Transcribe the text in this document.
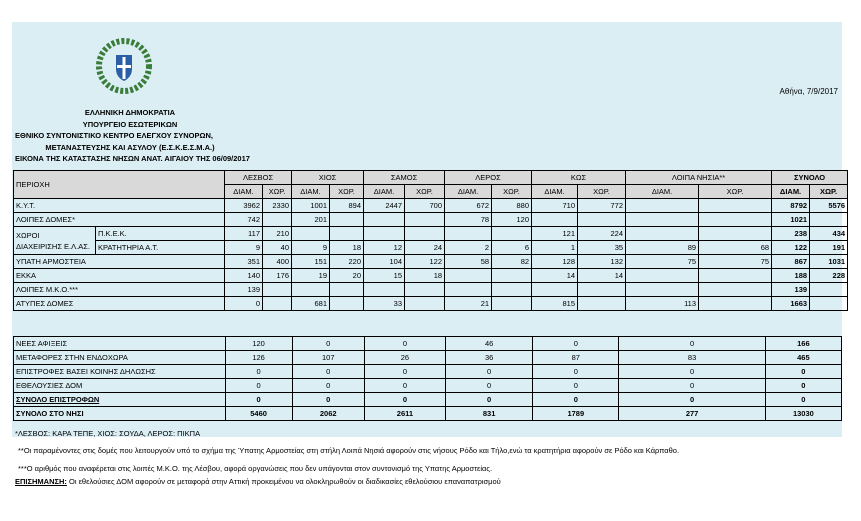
Αθήνα, 7/9/2017
ΕΛΛΗΝΙΚΗ ΔΗΜΟΚΡΑΤΙΑ
ΥΠΟΥΡΓΕΙΟ ΕΣΩΤΕΡΙΚΩΝ
ΕΘΝΙΚΟ ΣΥΝΤΟΝΙΣΤΙΚΟ ΚΕΝΤΡΟ ΕΛΕΓΧΟΥ ΣΥΝΟΡΩΝ,
ΜΕΤΑΝΑΣΤΕΥΣΗΣ ΚΑΙ ΑΣΥΛΟΥ (Ε.Σ.Κ.Ε.Σ.Μ.Α.)
ΕΙΚΟΝΑ ΤΗΣ ΚΑΤΑΣΤΑΣΗΣ ΝΗΣΩΝ ΑΝΑΤ. ΑΙΓΑΙΟΥ ΤΗΣ 06/09/2017
ΠΕΡΙΟΧΗ		ΛΕΣΒΟΣ		ΧΙΟΣ		ΣΑΜΟΣ		ΛΕΡΟΣ		ΚΩΣ		ΛΟΙΠΑ ΝΗΣΙΑ**		ΣΥΝΟΛΟ	
		ΔΙΑΜ.	ΧΩΡ.	ΔΙΑΜ.	ΧΩΡ.	ΔΙΑΜ.	ΧΩΡ.	ΔΙΑΜ.	ΧΩΡ.	ΔΙΑΜ.	ΧΩΡ.	ΔΙΑΜ.	ΧΩΡ.	ΔΙΑΜ.	ΧΩΡ.
Κ.Υ.Τ.		3962	2330	1001	894	2447	700	672	880	710	772			8792	5576
ΛΟΙΠΕΣ ΔΟΜΕΣ*		742		201				78	120					1021	

ΧΩΡΟΙ
ΔΙΑΧΕΙΡΙΣΗΣ Ε.Λ.ΑΣ.	Π.Κ.Ε.Κ.	117	210							121	224			238	434
	ΚΡΑΤΗΤΗΡΙΑ Α.Τ.	9	40	9	18	12	24	2	6	1	35	89	68	122	191
ΥΠΑΤΗ ΑΡΜΟΣΤΕΙΑ		351	400	151	220	104	122	58	82	128	132	75	75	867	1031
ΕΚΚΑ		140	176	19	20	15	18			14	14			188	228
ΛΟΙΠΕΣ Μ.Κ.Ο.***		139												139	
ΑΤΥΠΕΣ ΔΟΜΕΣ		0		681		33		21		815		113		1663	
ΝΕΕΣ ΑΦΙΞΕΙΣ	120	0	0	46	0	0	166
ΜΕΤΑΦΟΡΕΣ ΣΤΗΝ ΕΝΔΟΧΩΡΑ	126	107	26	36	87	83	465
ΕΠΙΣΤΡΟΦΕΣ ΒΑΣΕΙ ΚΟΙΝΗΣ ΔΗΛΩΣΗΣ	0	0	0	0	0	0	0
ΕΘΕΛΟΥΣΙΕΣ ΔΟΜ	0	0	0	0	0	0	0
ΣΥΝΟΛΟ ΕΠΙΣΤΡΟΦΩΝ	0	0	0	0	0	0	0
ΣΥΝΟΛΟ ΣΤΟ ΝΗΣΙ	5460	2062	2611	831	1789	277	13030
*ΛΕΣΒΟΣ: ΚΑΡΑ ΤΕΠΕ, ΧΙΟΣ: ΣΟΥΔΑ, ΛΕΡΟΣ: ΠΙΚΠΑ
**Οι παραμένοντες στις δομές που λειτουργούν υπό το σχήμα της Ύπατης Αρμοστείας στη στήλη Λοιπά Νησιά αφορούν στις νήσους Ρόδο και Τήλο,ενώ τα κρατητήρια αφορούν σε Ρόδο και Κάρπαθο.
***Ο αριθμός που αναφέρεται στις λοιπές Μ.Κ.Ο. της Λέσβου, αφορά οργανώσεις που δεν υπάγονται στον συντονισμό της Υπατης Αρμοστείας.
ΕΠΙΣΗΜΑΝΣΗ: Οι εθελούσιες ΔΟΜ αφορούν σε μεταφορά στην Αττική προκειμένου να ολοκληρωθούν οι διαδικασίες εθελούσιου επαναπατρισμού
